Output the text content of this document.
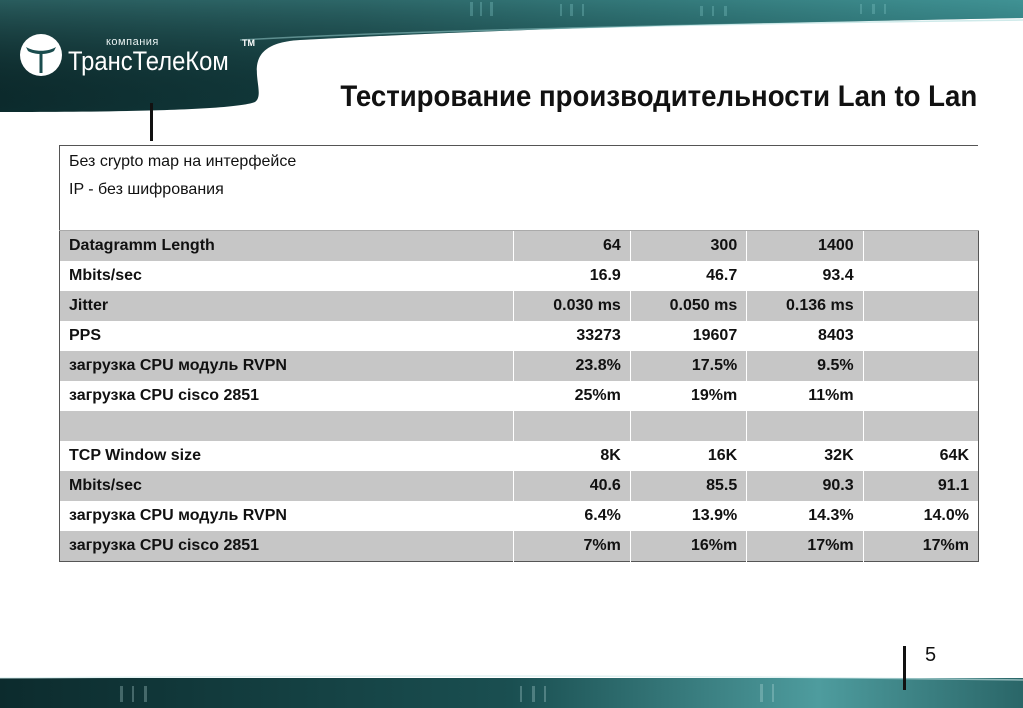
компания
ТрансТелеКом
TM
Тестирование производительности Lan to Lan
Без crypto map на интерфейсе
IP - без шифрования				

Datagramm Length	64	300	1400	
Mbits/sec	16.9	46.7	93.4	
Jitter	0.030 ms	0.050 ms	0.136 ms	
PPS	33273	19607	8403	
загрузка CPU модуль RVPN	23.8%	17.5%	9.5%	
загрузка CPU cisco 2851	25%m	19%m	11%m	

TCP Window size	8K	16K	32K	64K
Mbits/sec	40.6	85.5	90.3	91.1
загрузка CPU модуль RVPN	6.4%	13.9%	14.3%	14.0%
загрузка CPU cisco 2851	7%m	16%m	17%m	17%m
5
